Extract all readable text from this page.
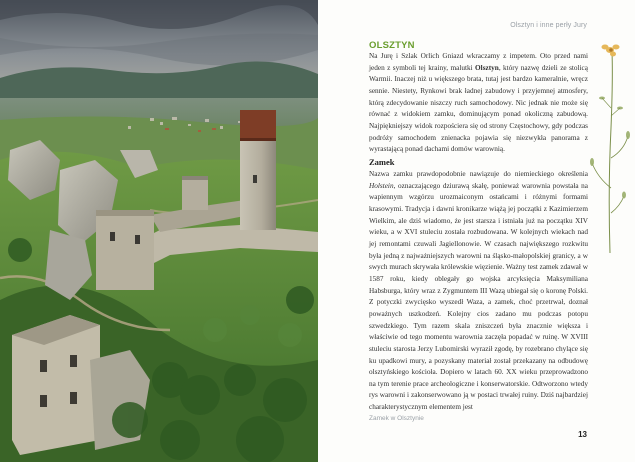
Olsztyn i inne perły Jury
OLSZTYN

Na Jurę i Szlak Orlich Gniazd wkraczamy z impetem. Oto przed nami jeden z symboli tej krainy, malutki Olsztyn, który nazwę dzieli ze stolicą Warmii. Inaczej niż u większego brata, tutaj jest bardzo kameralnie, wręcz sennie. Niestety, Rynkowi brak ładnej zabudowy i przyjemnej atmosfery, którą zdecydowanie niszczy ruch samochodowy. Nic jednak nie może się równać z widokiem zamku, dominującym ponad okoliczną zabudową. Najpiękniejszy widok rozpościera się od strony Częstochowy, gdy podczas podróży samochodem znienacka pojawia się niezwykła panorama z wyrastającą ponad dachami domów warownią.

Zamek

Nazwa zamku prawdopodobnie nawiązuje do niemieckiego określenia Holstein, oznaczającego dziurawą skałę, ponieważ warownia powstała na wapiennym wzgórzu urozmaiconym ostańcami i różnymi formami krasowymi. Tradycja i dawni kronikarze wiążą jej początki z Kazimierzem Wielkim, ale dziś wiadomo, że jest starsza i istniała już na początku XIV wieku, a w XVI stuleciu została rozbudowana. W kolejnych wiekach nad jej remontami czuwali Jagiellonowie. W czasach największego rozkwitu była jedną z najważniejszych warowni na śląsko-małopolskiej granicy, a w swych murach skrywała królewskie więzienie. Ważny test zamek zdawał w 1587 roku, kiedy oblegały go wojska arcyksięcia Maksymiliana Habsburga, który wraz z Zygmuntem III Wazą ubiegał się o koronę Polski. Z potyczki zwycięsko wyszedł Waza, a zamek, choć przetrwał, doznał poważnych uszkodzeń. Kolejny cios zadano mu podczas potopu szwedzkiego. Tym razem skala zniszczeń była znacznie większa i właściwie od tego momentu warownia zaczęła popadać w ruinę. W XVIII stuleciu starosta Jerzy Lubomirski wyraził zgodę, by rozebrano chylące się ku upadkowi mury, a pozyskany materiał został przekazany na odbudowę olsztyńskiego kościoła. Dopiero w latach 60. XX wieku przeprowadzono na tym terenie prace archeologiczne i konserwatorskie. Odtworzono wtedy rys warowni i zakonserwowano ją w postaci trwałej ruiny. Dziś najbardziej charakterystycznym elementem jest

Zamek w Olsztynie
13
